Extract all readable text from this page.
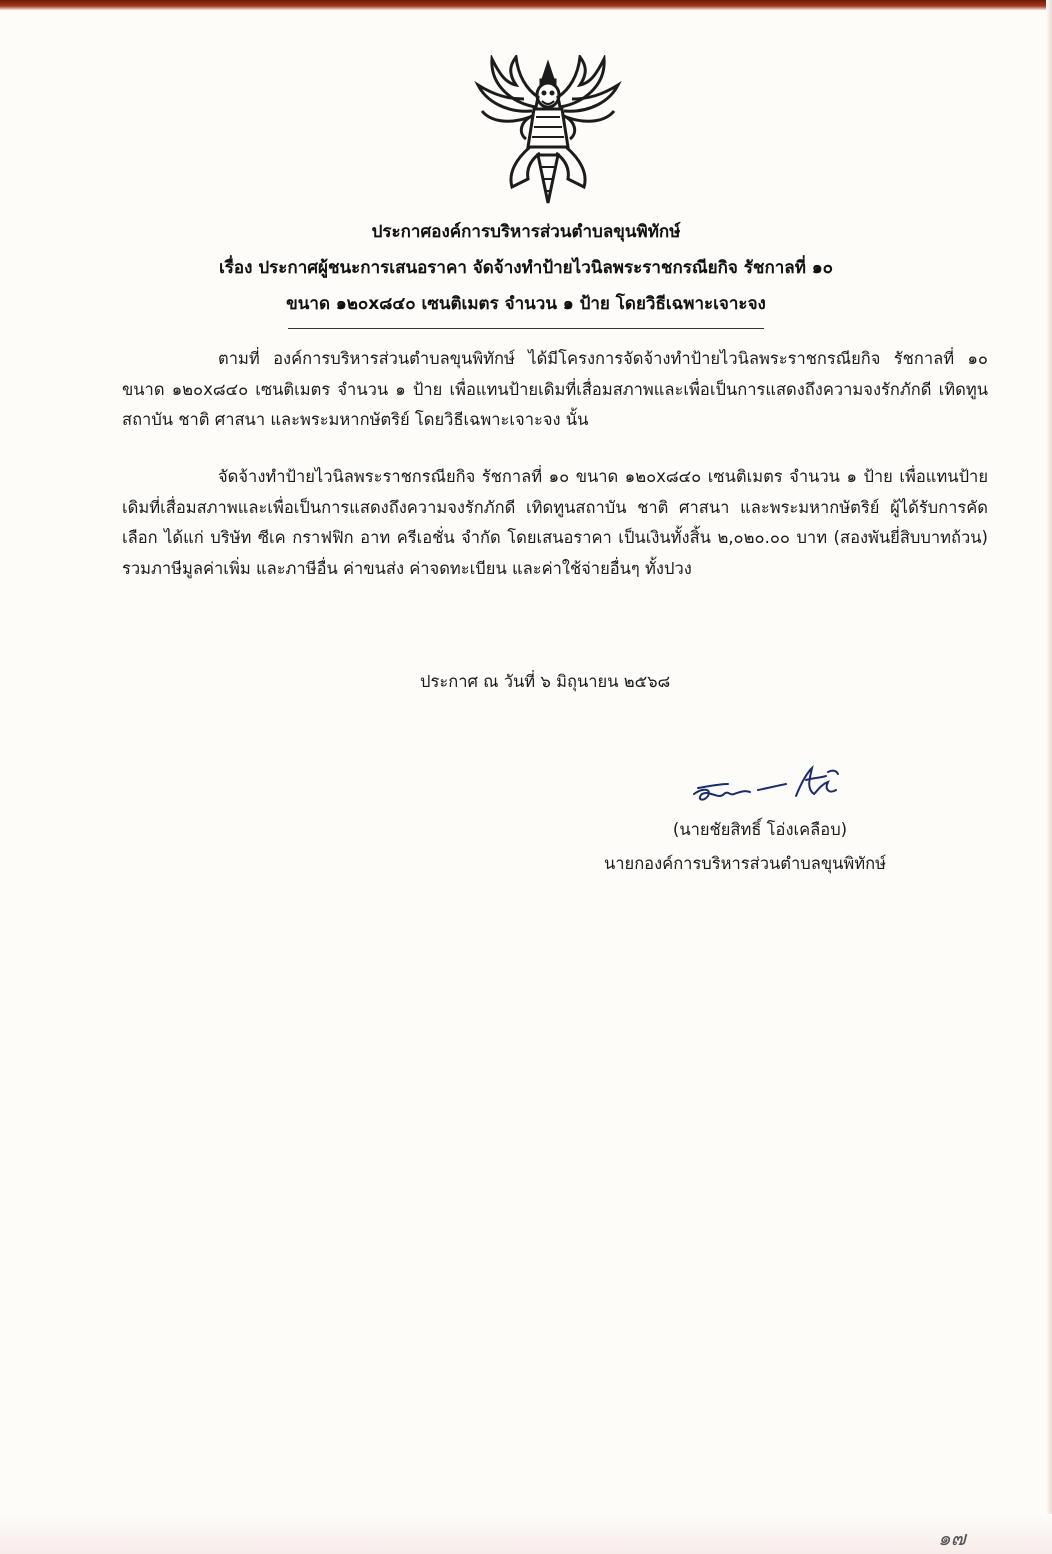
ประกาศองค์การบริหารส่วนตำบลขุนพิทักษ์
เรื่อง ประกาศผู้ชนะการเสนอราคา จัดจ้างทำป้ายไวนิลพระราชกรณียกิจ รัชกาลที่ ๑๐
ขนาด ๑๒๐x๘๔๐ เซนติเมตร จำนวน ๑ ป้าย โดยวิธีเฉพาะเจาะจง

ตามที่ องค์การบริหารส่วนตำบลขุนพิทักษ์ ได้มีโครงการจัดจ้างทำป้ายไวนิลพระราชกรณียกิจ รัชกาลที่ ๑๐ ขนาด ๑๒๐x๘๔๐ เซนติเมตร จำนวน ๑ ป้าย เพื่อแทนป้ายเดิมที่เสื่อมสภาพและเพื่อเป็นการแสดงถึงความจงรักภักดี เทิดทูนสถาบัน ชาติ ศาสนา และพระมหากษัตริย์ โดยวิธีเฉพาะเจาะจง นั้น

จัดจ้างทำป้ายไวนิลพระราชกรณียกิจ รัชกาลที่ ๑๐ ขนาด ๑๒๐x๘๔๐ เซนติเมตร จำนวน ๑ ป้าย เพื่อแทนป้ายเดิมที่เสื่อมสภาพและเพื่อเป็นการแสดงถึงความจงรักภักดี เทิดทูนสถาบัน ชาติ ศาสนา และพระมหากษัตริย์ ผู้ได้รับการคัดเลือก ได้แก่ บริษัท ซีเค กราฟฟิก อาท ครีเอชั่น จำกัด โดยเสนอราคา เป็นเงินทั้งสิ้น ๒,๐๒๐.๐๐ บาท (สองพันยี่สิบบาทถ้วน) รวมภาษีมูลค่าเพิ่ม และภาษีอื่น ค่าขนส่ง ค่าจดทะเบียน และค่าใช้จ่ายอื่นๆ ทั้งปวง

ประกาศ ณ วันที่ ๖ มิถุนายน ๒๕๖๘
(นายชัยสิทธิ์ โอ่งเคลือบ)
นายกองค์การบริหารส่วนตำบลขุนพิทักษ์
๑๗
